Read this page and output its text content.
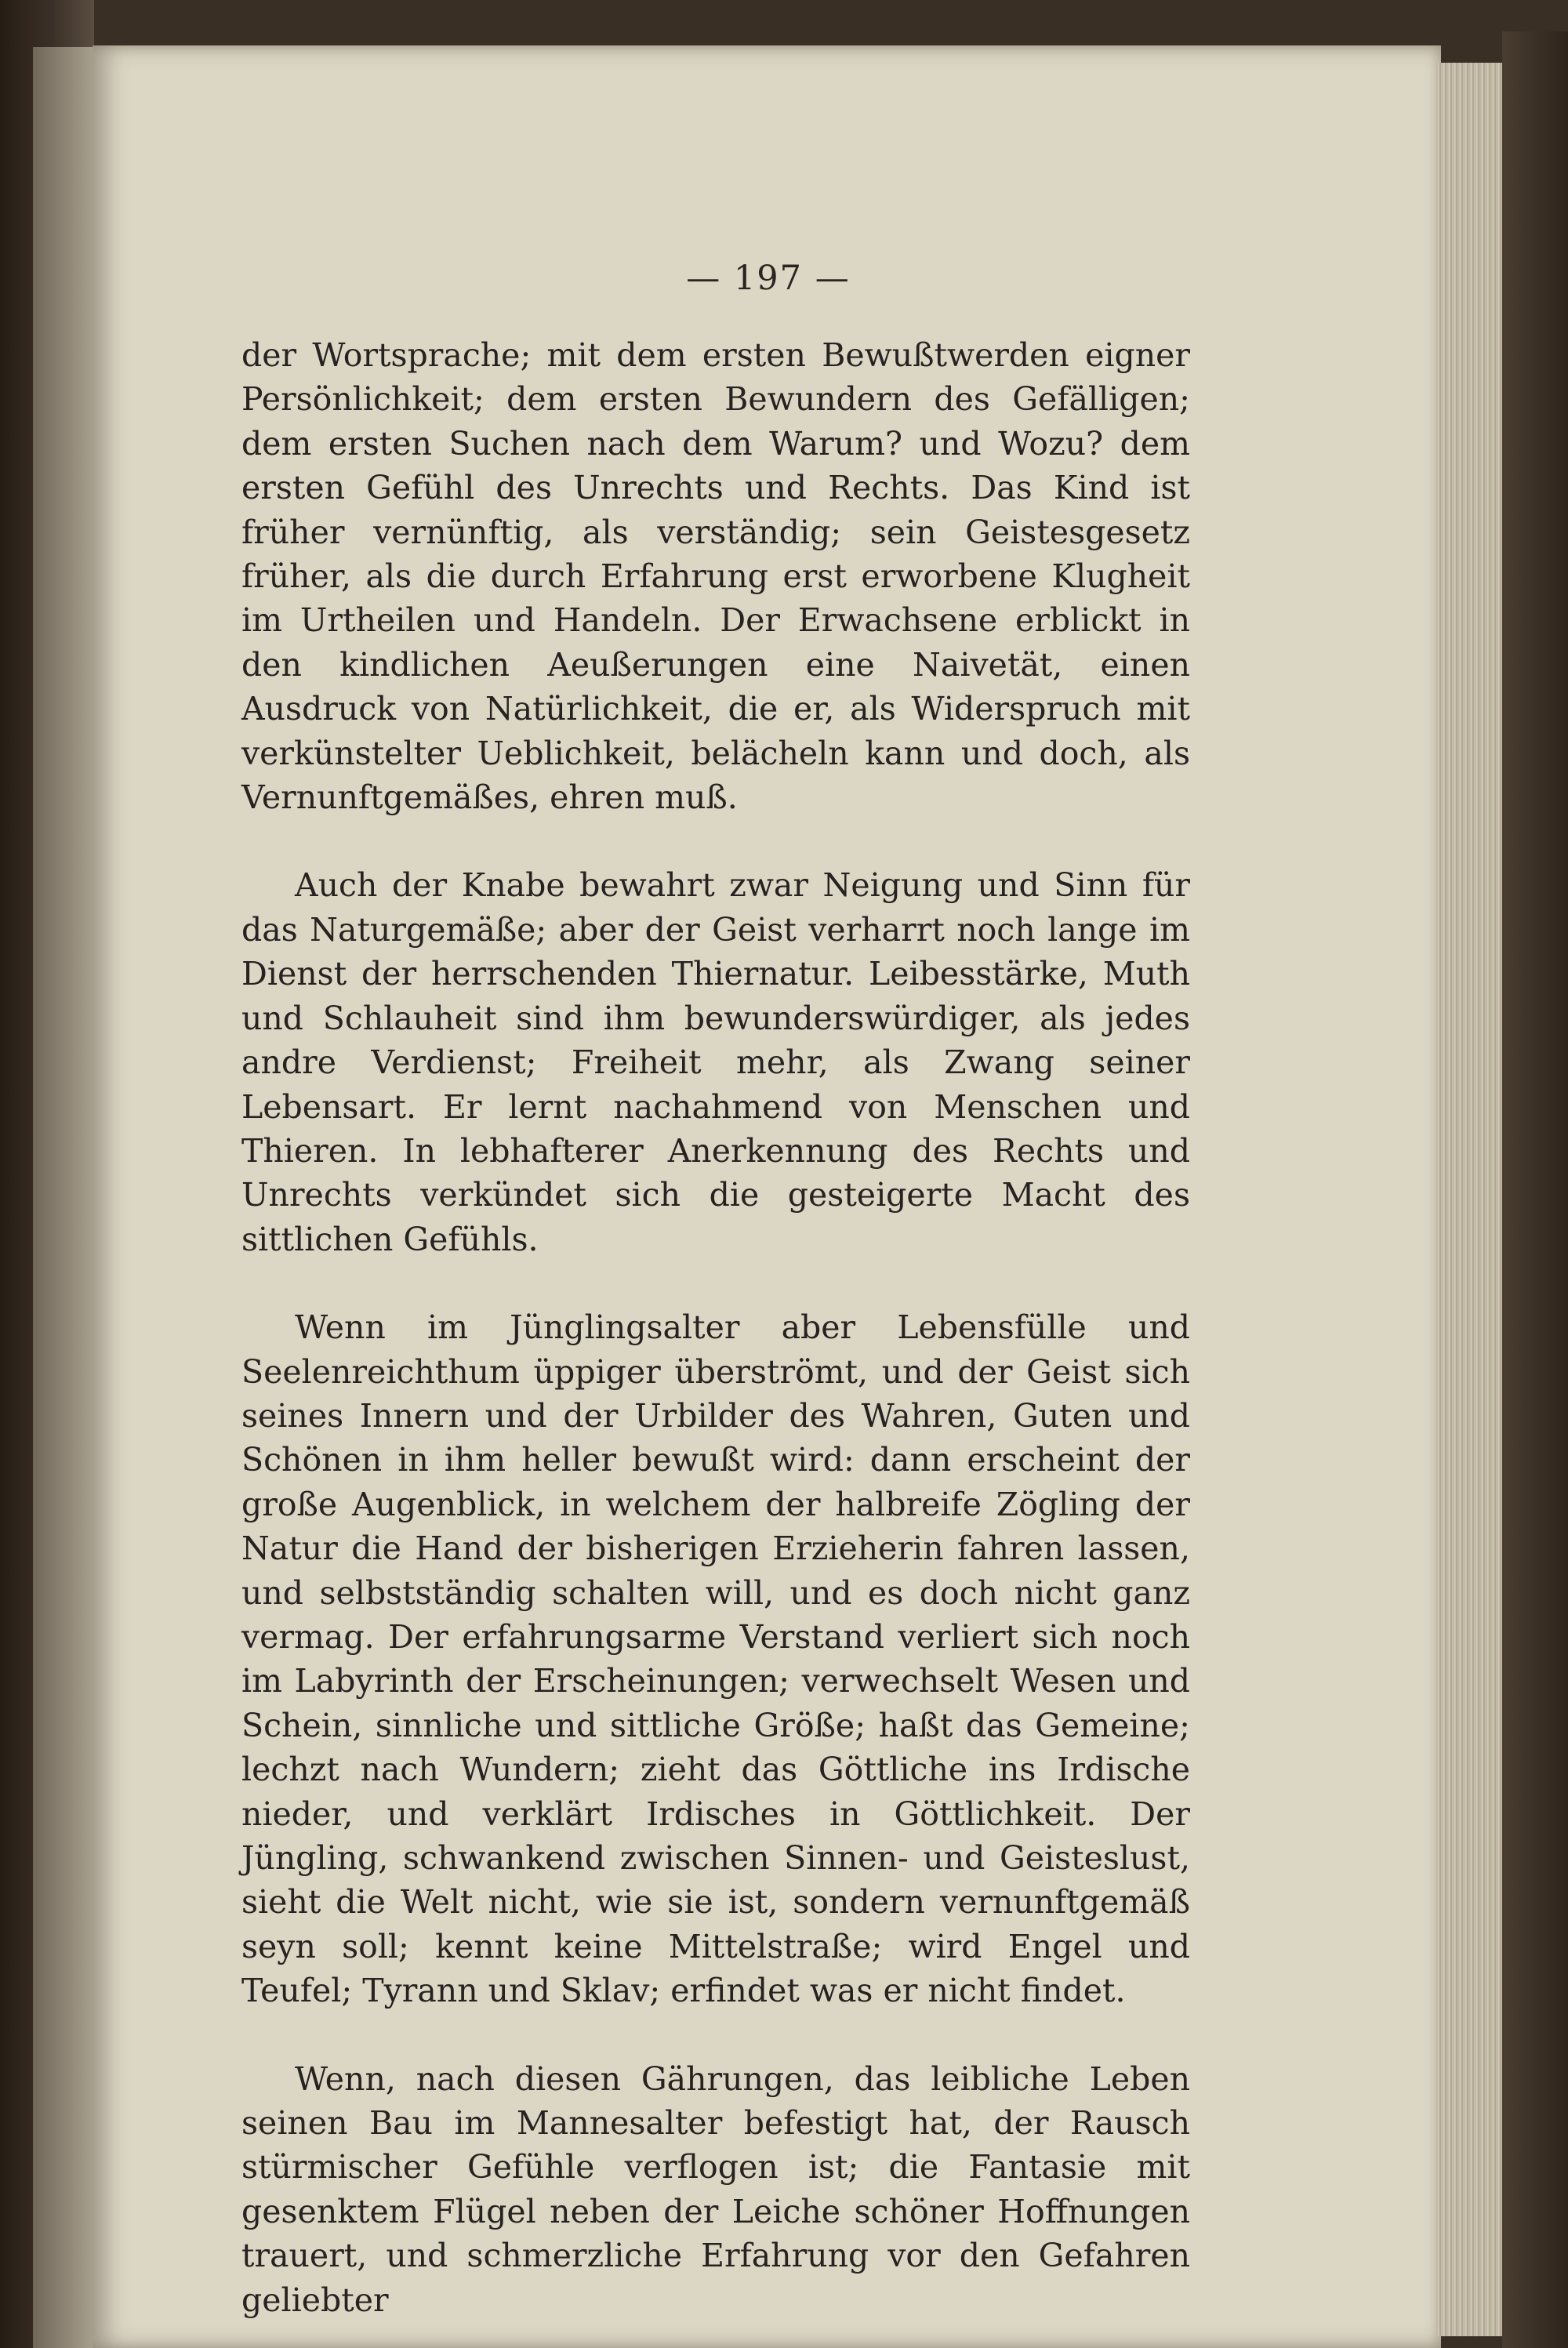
— 197 —

der Wortsprache; mit dem ersten Bewußtwerden eigner Persönlichkeit; dem ersten Bewundern des Gefälligen; dem ersten Suchen nach dem Warum? und Wozu? dem ersten Gefühl des Unrechts und Rechts. Das Kind ist früher vernünftig, als verständig; sein Geistesgesetz früher, als die durch Erfahrung erst erworbene Klugheit im Urtheilen und Handeln. Der Erwachsene erblickt in den kindlichen Aeußerungen eine Naivetät, einen Ausdruck von Natürlichkeit, die er, als Widerspruch mit verkünstelter Ueblichkeit, belächeln kann und doch, als Vernunftgemäßes, ehren muß.

Auch der Knabe bewahrt zwar Neigung und Sinn für das Naturgemäße; aber der Geist verharrt noch lange im Dienst der herrschenden Thiernatur. Leibesstärke, Muth und Schlauheit sind ihm bewunderswürdiger, als jedes andre Verdienst; Freiheit mehr, als Zwang seiner Lebensart. Er lernt nachahmend von Menschen und Thieren. In lebhafterer Anerkennung des Rechts und Unrechts verkündet sich die gesteigerte Macht des sittlichen Gefühls.

Wenn im Jünglingsalter aber Lebensfülle und Seelenreichthum üppiger überströmt, und der Geist sich seines Innern und der Urbilder des Wahren, Guten und Schönen in ihm heller bewußt wird: dann erscheint der große Augenblick, in welchem der halbreife Zögling der Natur die Hand der bisherigen Erzieherin fahren lassen, und selbstständig schalten will, und es doch nicht ganz vermag. Der erfahrungsarme Verstand verliert sich noch im Labyrinth der Erscheinungen; verwechselt Wesen und Schein, sinnliche und sittliche Größe; haßt das Gemeine; lechzt nach Wundern; zieht das Göttliche ins Irdische nieder, und verklärt Irdisches in Göttlichkeit. Der Jüngling, schwankend zwischen Sinnen- und Geisteslust, sieht die Welt nicht, wie sie ist, sondern vernunftgemäß seyn soll; kennt keine Mittelstraße; wird Engel und Teufel; Tyrann und Sklav; erfindet was er nicht findet.

Wenn, nach diesen Gährungen, das leibliche Leben seinen Bau im Mannesalter befestigt hat, der Rausch stürmischer Gefühle verflogen ist; die Fantasie mit gesenktem Flügel neben der Leiche schöner Hoffnungen trauert, und schmerzliche Erfahrung vor den Gefahren geliebter
